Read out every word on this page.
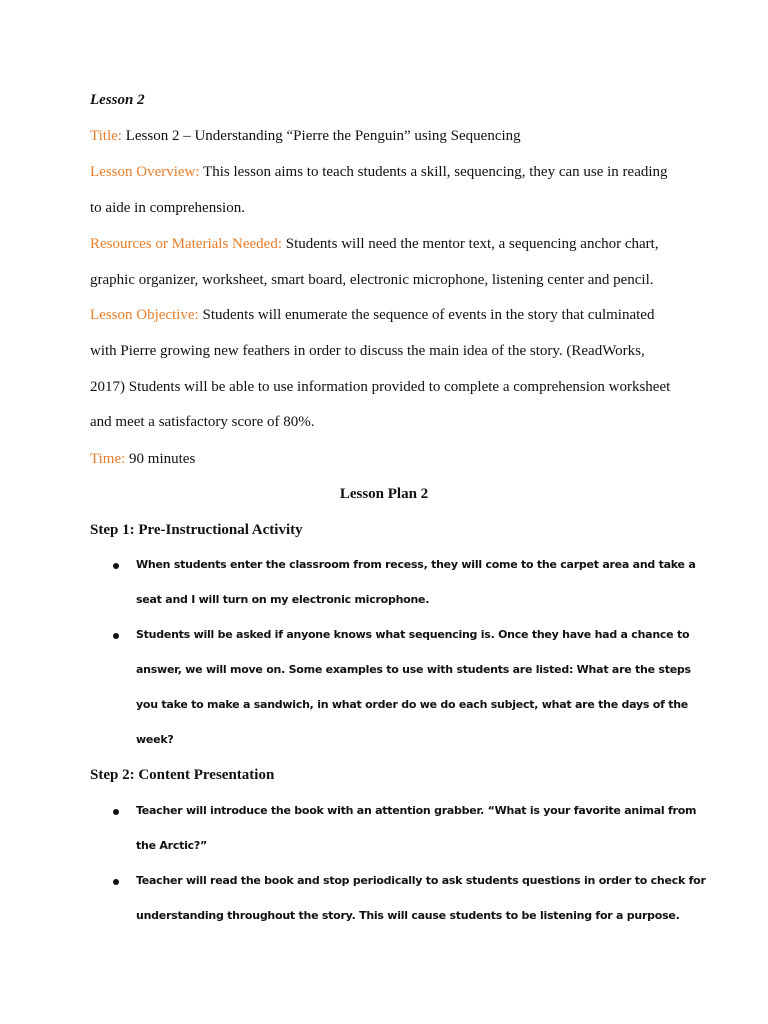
Lesson 2
Title: Lesson 2 – Understanding “Pierre the Penguin” using Sequencing
Lesson Overview: This lesson aims to teach students a skill, sequencing, they can use in reading
to aide in comprehension.
Resources or Materials Needed: Students will need the mentor text, a sequencing anchor chart,
graphic organizer, worksheet, smart board, electronic microphone, listening center and pencil.
Lesson Objective: Students will enumerate the sequence of events in the story that culminated
with Pierre growing new feathers in order to discuss the main idea of the story. (ReadWorks,
2017) Students will be able to use information provided to complete a comprehension worksheet
and meet a satisfactory score of 80%.
Time: 90 minutes
Lesson Plan 2
Step 1: Pre-Instructional Activity
When students enter the classroom from recess, they will come to the carpet area and take a
seat and I will turn on my electronic microphone.
Students will be asked if anyone knows what sequencing is. Once they have had a chance to
answer, we will move on. Some examples to use with students are listed: What are the steps
you take to make a sandwich, in what order do we do each subject, what are the days of the
week?
Step 2: Content Presentation
Teacher will introduce the book with an attention grabber. “What is your favorite animal from
the Arctic?”
Teacher will read the book and stop periodically to ask students questions in order to check for
understanding throughout the story. This will cause students to be listening for a purpose.
